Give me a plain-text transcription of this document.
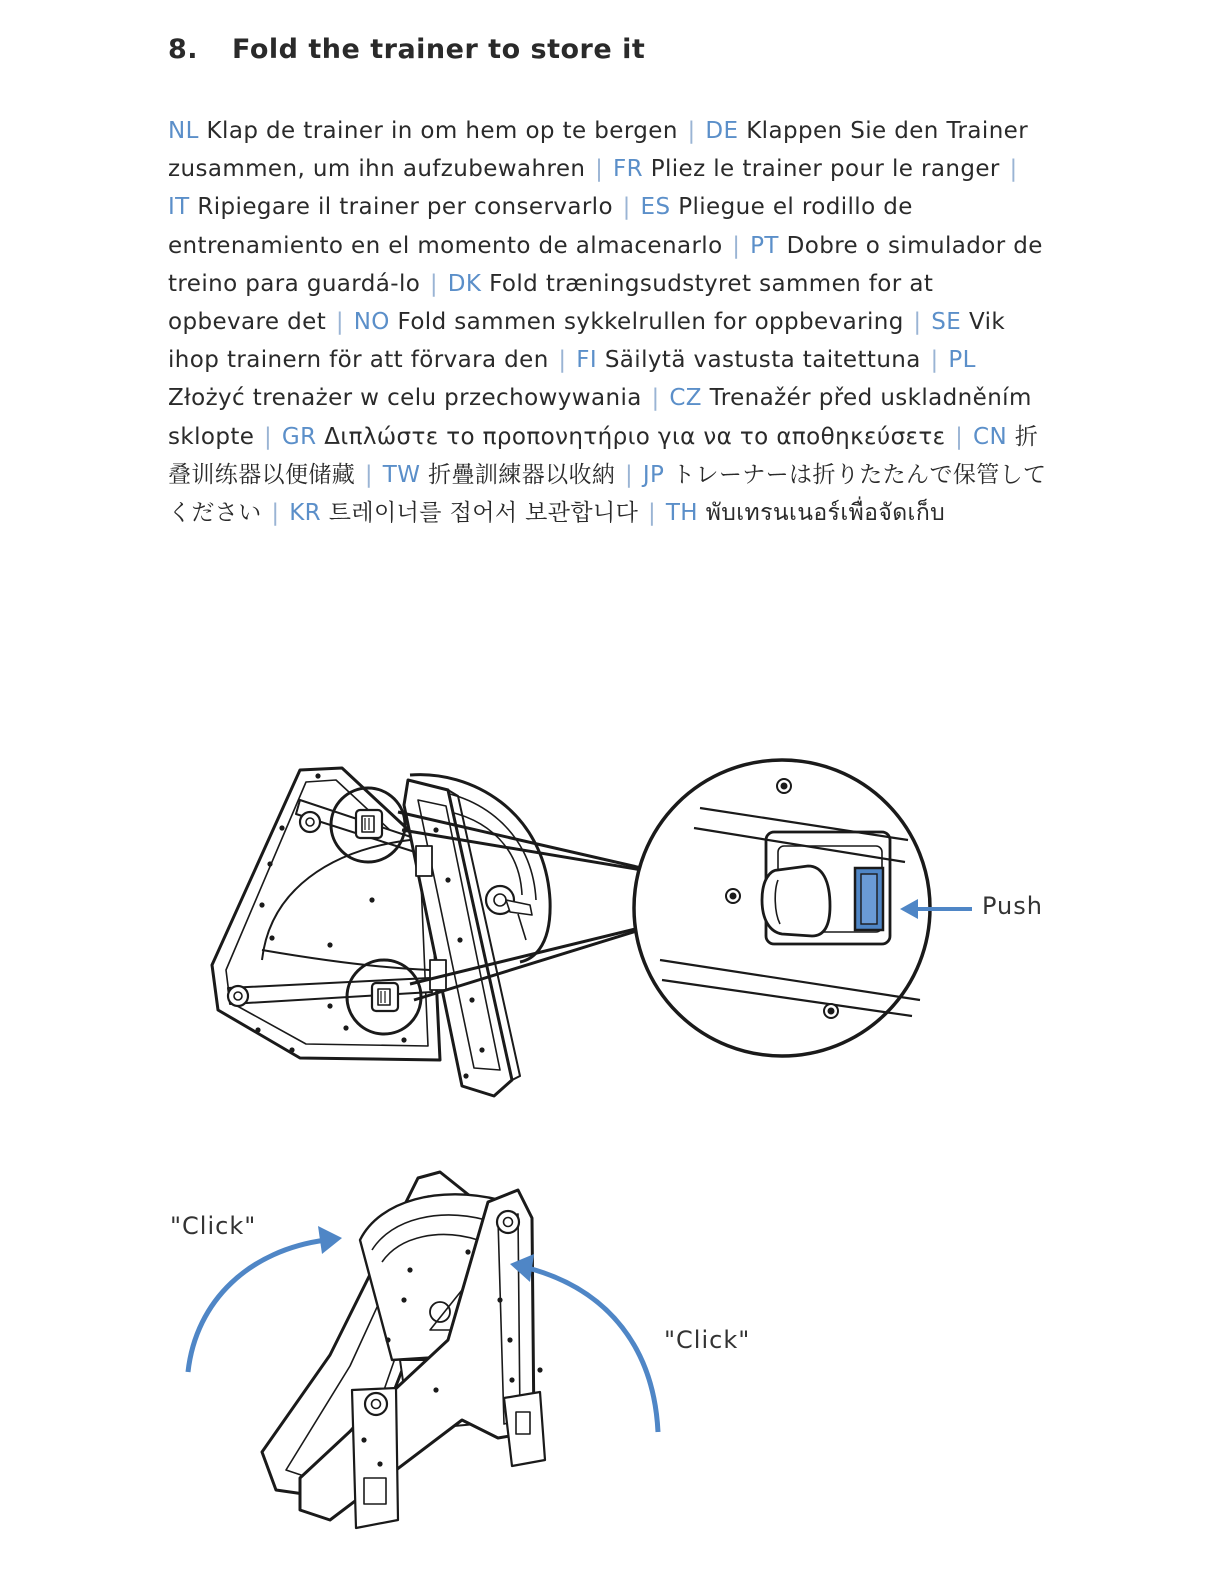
8. Fold the trainer to store it
NL Klap de trainer in om hem op te bergen | DE Klappen Sie den Trainer zusammen, um ihn aufzubewahren | FR Pliez le trainer pour le ranger | IT Ripiegare il trainer per conservarlo | ES Pliegue el rodillo de entrenamiento en el momento de almacenarlo | PT Dobre o simulador de treino para guardá-lo | DK Fold træningsudstyret sammen for at opbevare det | NO Fold sammen sykkelrullen for oppbevaring | SE Vik ihop trainern för att förvara den | FI Säilytä vastusta taitettuna | PL Złożyć trenażer w celu przechowywania | CZ Trenažér před uskladněním sklopte | GR Διπλώστε το προπονητήριο για να το αποθηκεύσετε | CN 折叠训练器以便储藏 | TW 折疊訓練器以收納 | JP トレーナーは折りたたんで保管してください | KR 트레이너를 접어서 보관합니다 | TH พับเทรนเนอร์เพื่อจัดเก็บ
Push
"Click"
"Click"
